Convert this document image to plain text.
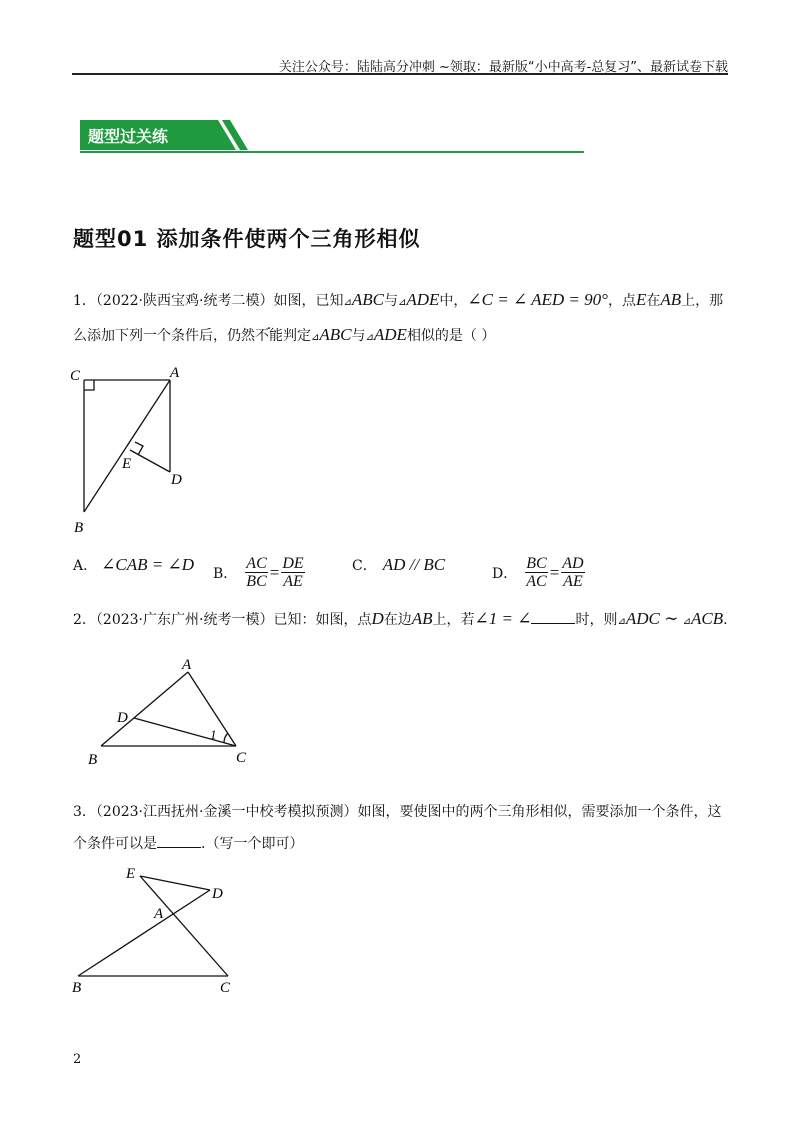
关注公众号：陆陆高分冲刺 ~领取：最新版“小中高考-总复习”、最新试卷下载
题型过关练
题型01 添加条件使两个三角形相似
1．（2022·陕西宝鸡·统考二模）如图，已知⊿ABC与⊿ADE中，∠C = ∠ AED = 90°，点E在AB上，那
么添加下列一个条件后，仍然不能判定⊿ABC与⊿ADE相似的是（ ）
C	A
E
D
B
A． ∠CAB = ∠D B． $\frac{AC}{BC} = \frac{DE}{AE}$	C． AD // BC	D． $\frac{BC}{AC} = \frac{AD}{AE}$
2．（2023·广东广州·统考一模）已知：如图，点D在边AB上，若∠1 = ∠	时，则⊿ADC ∼ ⊿ACB.
A
D
1
B	C
3．（2023·江西抚州·金溪一中校考模拟预测）如图，要使图中的两个三角形相似，需要添加一个条件，这
个条件可以是	.（写一个即可）
E
D
A
B	C
2
